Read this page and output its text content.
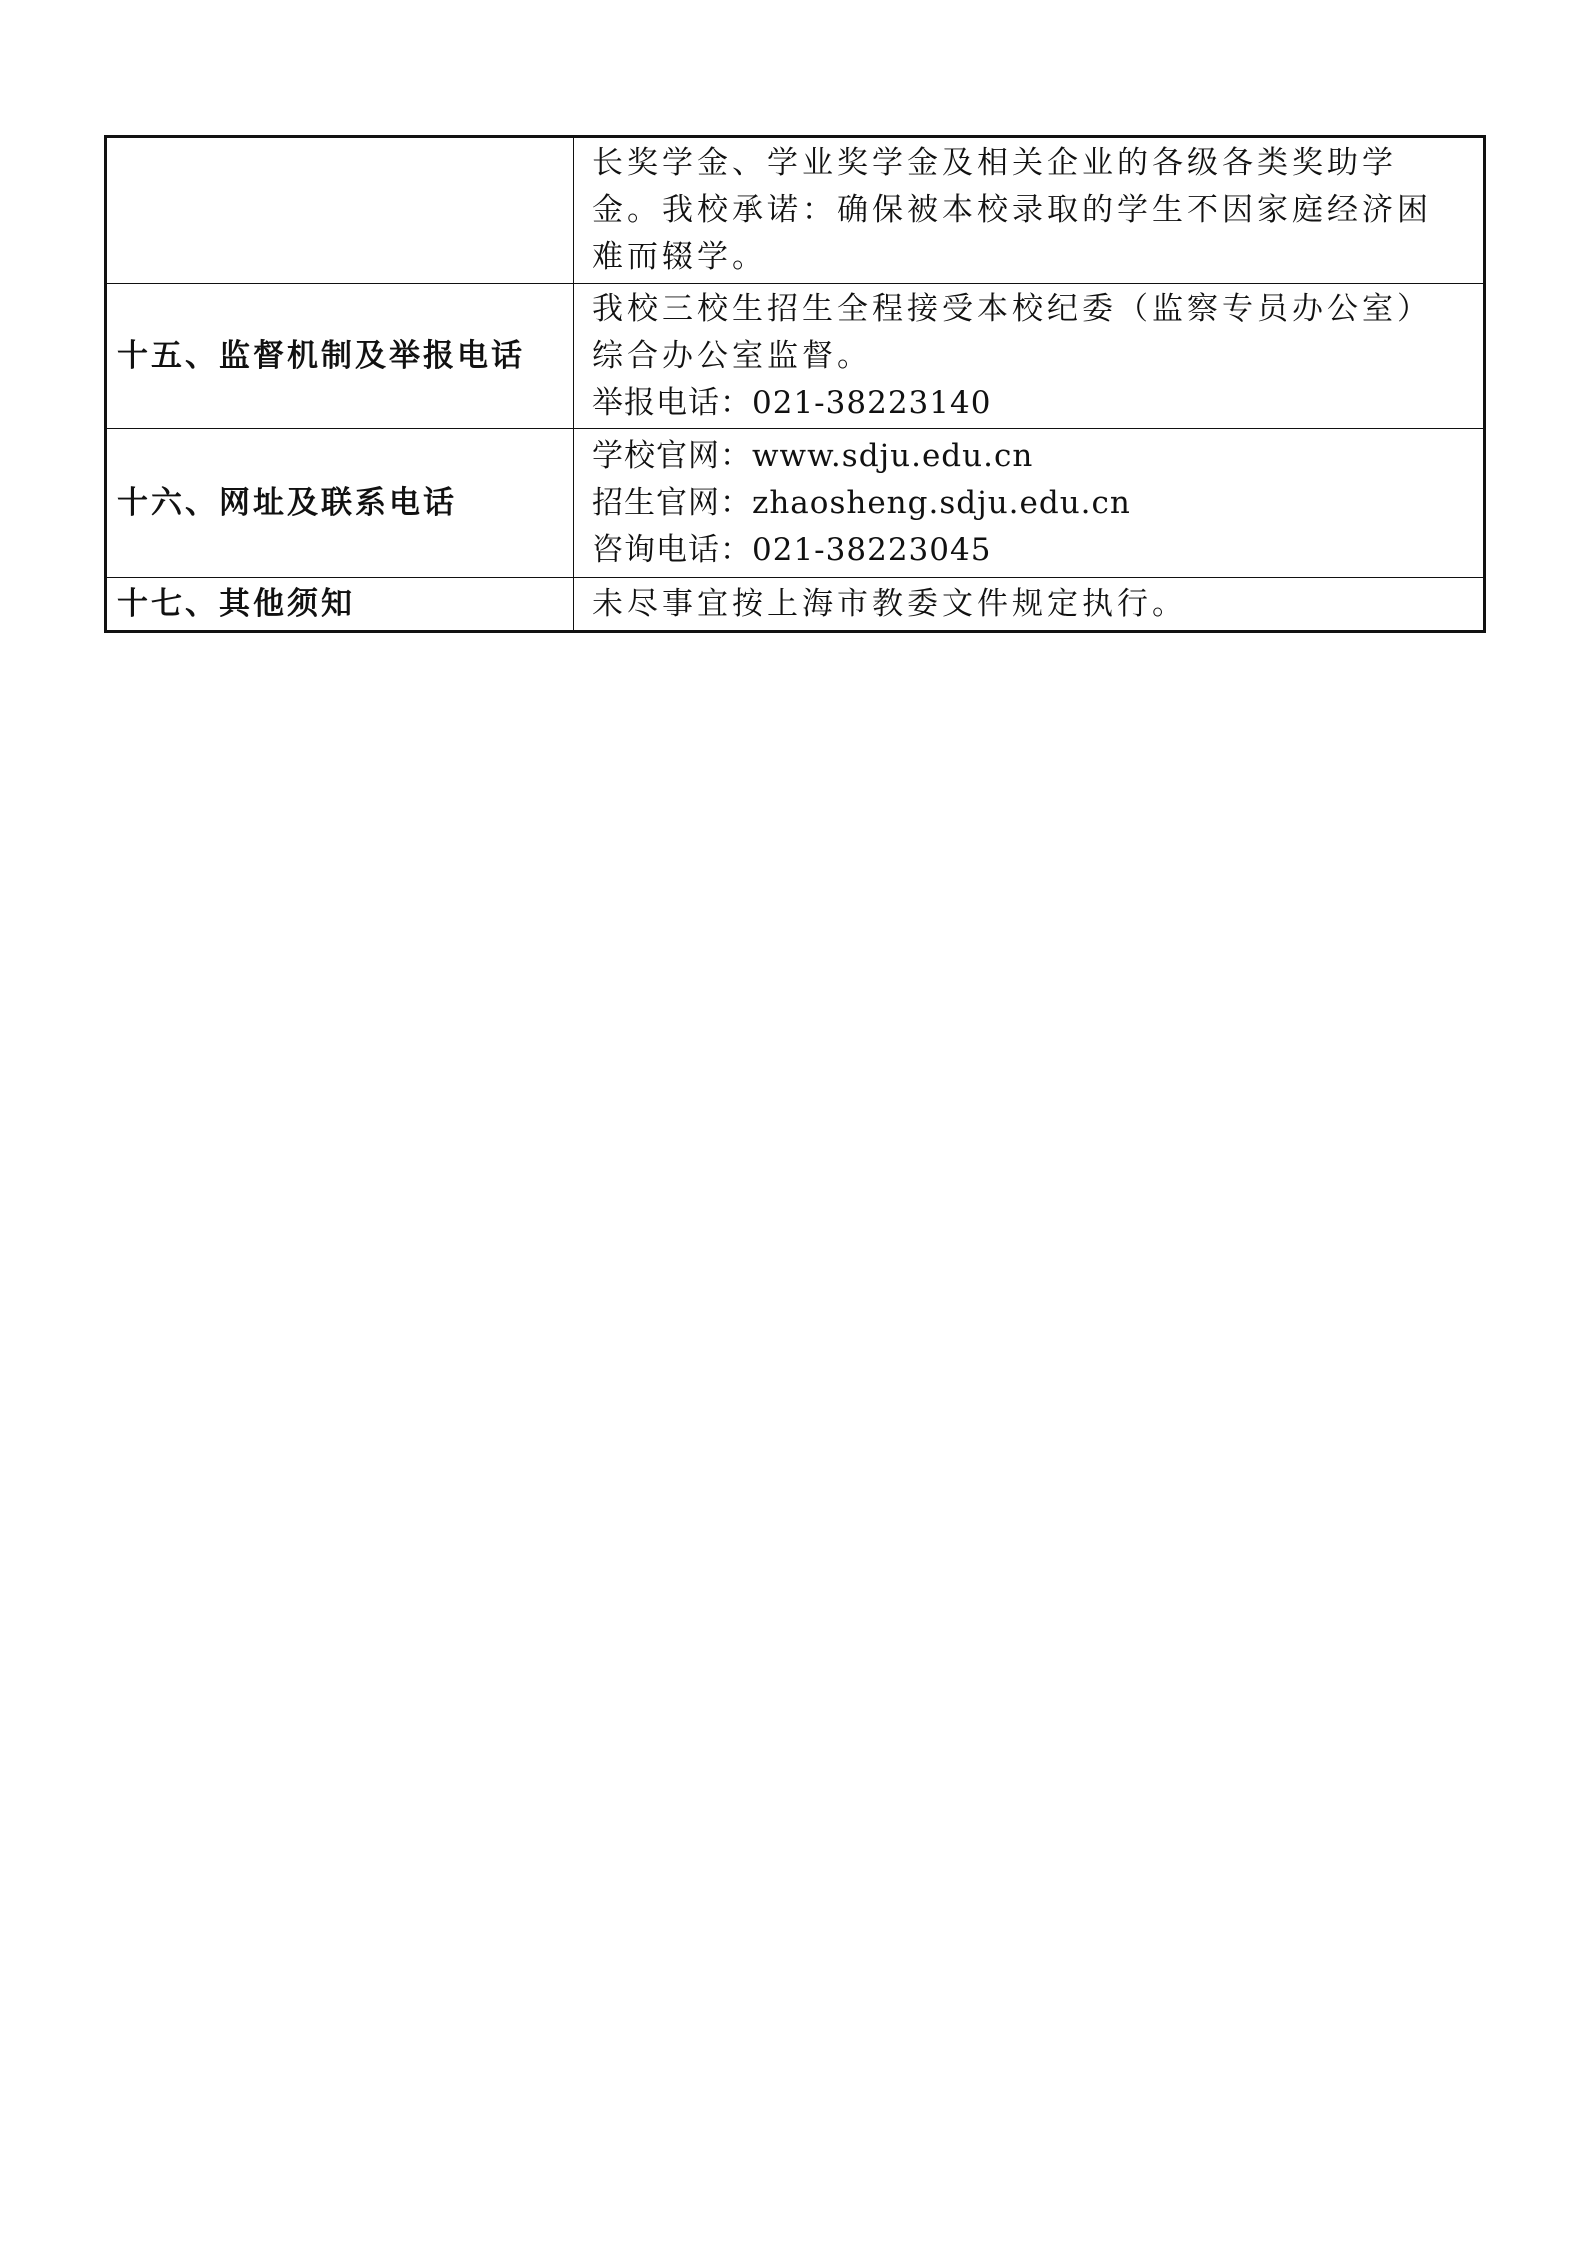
	长奖学金、学业奖学金及相关企业的各级各类奖助学
金。我校承诺：确保被本校录取的学生不因家庭经济困
难而辍学。

十五、监督机制及举报电话	我校三校生招生全程接受本校纪委（监察专员办公室）
综合办公室监督。
举报电话：021-38223140

十六、网址及联系电话	学校官网：www.sdju.edu.cn
招生官网：zhaosheng.sdju.edu.cn
咨询电话：021-38223045

十七、其他须知	未尽事宜按上海市教委文件规定执行。
